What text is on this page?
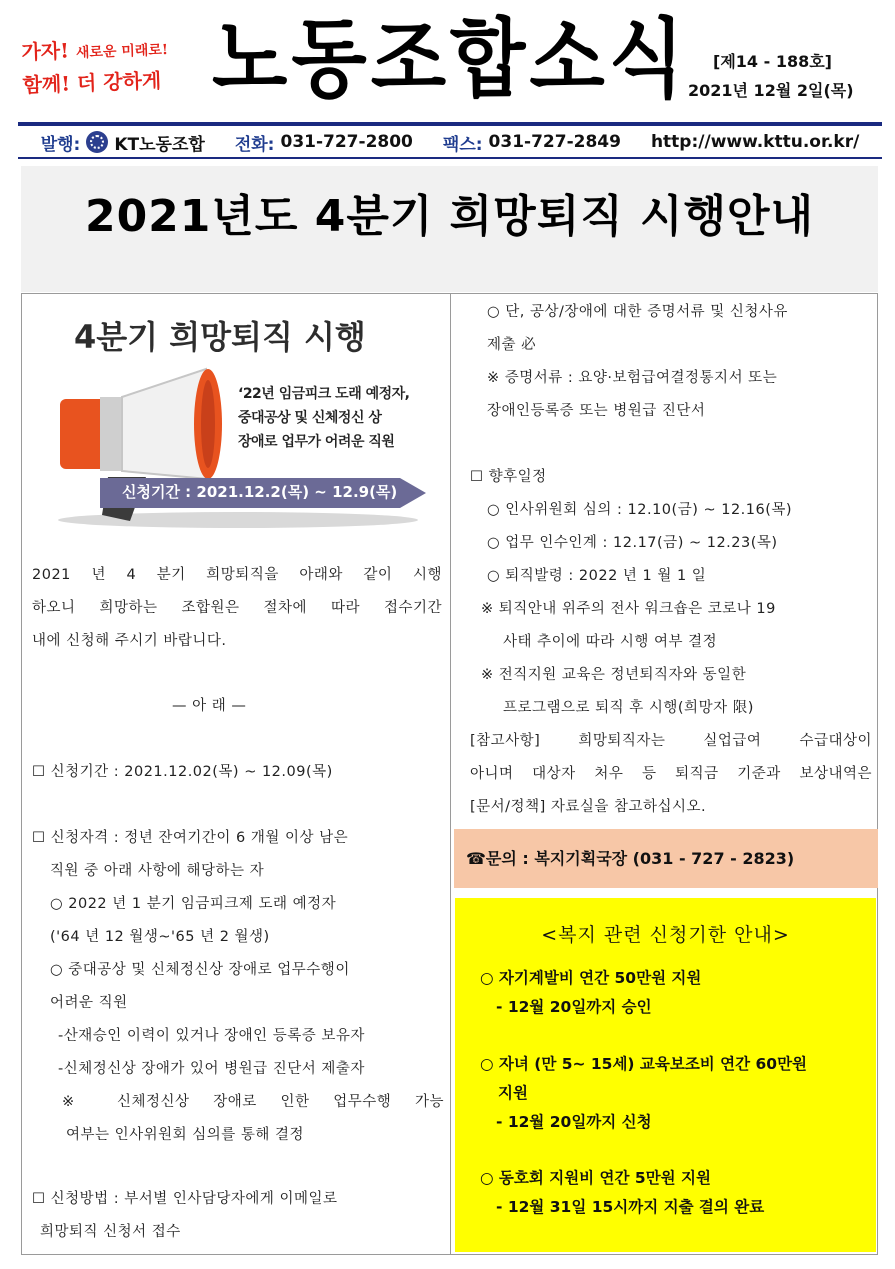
가자! 새로운 미래로!
함께! 더 강하게 노동조합소식 [제14 - 188호]
2021년 12월 2일(목)
발행: KT노동조합 전화: 031-727-2800 팩스: 031-727-2849 http://www.kttu.or.kr/
2021년도 4분기 희망퇴직 시행안내
4분기 희망퇴직 시행
‘22년 임금피크 도래 예정자,
중대공상 및 신체정신 상
장애로 업무가 어려운 직원
신청기간 : 2021.12.2(목) ~ 12.9(목)
2021 년 4 분기 희망퇴직을 아래와 같이 시행
하오니 희망하는 조합원은 절차에 따라 접수기간
내에 신청해 주시기 바랍니다.
— 아 래 —
☐ 신청기간 : 2021.12.02(목) ~ 12.09(목)
☐ 신청자격 : 정년 잔여기간이 6 개월 이상 남은
직원 중 아래 사항에 해당하는 자
○ 2022 년 1 분기 임금피크제 도래 예정자
('64 년 12 월생~'65 년 2 월생)
○ 중대공상 및 신체정신상 장애로 업무수행이
어려운 직원
-산재승인 이력이 있거나 장애인 등록증 보유자
-신체정신상 장애가 있어 병원급 진단서 제출자
※ 신체정신상 장애로 인한 업무수행 가능
여부는 인사위원회 심의를 통해 결정
☐ 신청방법 : 부서별 인사담당자에게 이메일로
희망퇴직 신청서 접수
○ 단, 공상/장애에 대한 증명서류 및 신청사유
제출 必
※ 증명서류 : 요양·보험급여결정통지서 또는
장애인등록증 또는 병원급 진단서
☐ 향후일정
○ 인사위원회 심의 : 12.10(금) ~ 12.16(목)
○ 업무 인수인계 : 12.17(금) ~ 12.23(목)
○ 퇴직발령 : 2022 년 1 월 1 일
※ 퇴직안내 위주의 전사 워크숍은 코로나 19
사태 추이에 따라 시행 여부 결정
※ 전직지원 교육은 정년퇴직자와 동일한
프로그램으로 퇴직 후 시행(희망자 限)
[참고사항] 희망퇴직자는 실업급여 수급대상이
아니며 대상자 처우 등 퇴직금 기준과 보상내역은
[문서/정책] 자료실을 참고하십시오.
☎문의 : 복지기획국장 (031 - 727 - 2823)
<복지 관련 신청기한 안내>
○ 자기계발비 연간 50만원 지원
- 12월 20일까지 승인
○ 자녀 (만 5~ 15세) 교육보조비 연간 60만원
지원
- 12월 20일까지 신청
○ 동호회 지원비 연간 5만원 지원
- 12월 31일 15시까지 지출 결의 완료
